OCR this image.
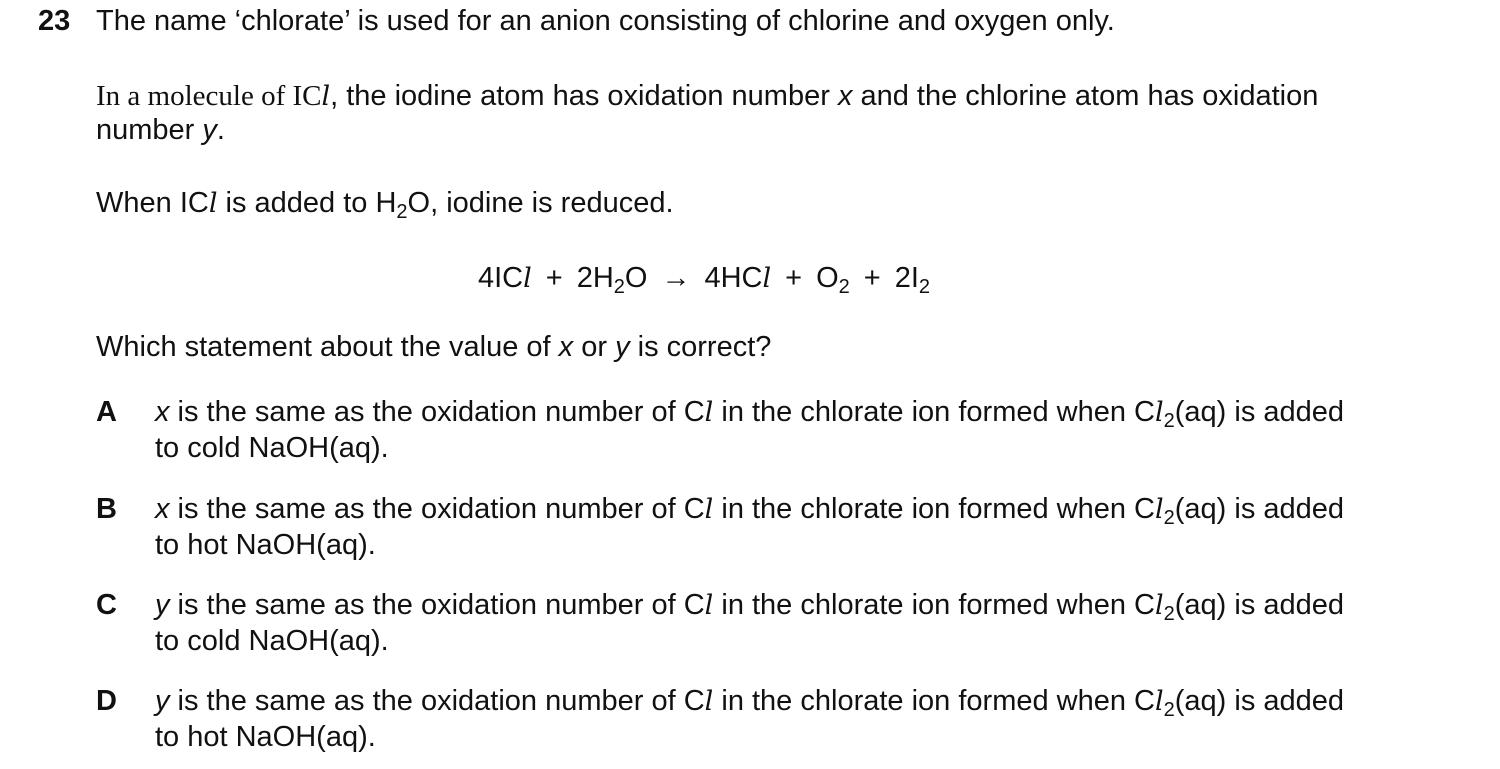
23 The name ‘chlorate’ is used for an anion consisting of chlorine and oxygen only.
In a molecule of ICl, the iodine atom has oxidation number x and the chlorine atom has oxidation
number y.
When ICl is added to $H_2O$, iodine is reduced.
$4ICl + 2H_2O \to 4HCl + O_2 + 2I_2$
Which statement about the value of x or y is correct?
A	x is the same as the oxidation number of Cl in the chlorate ion formed when $Cl_2(aq)$ is added
to cold NaOH(aq).
B	x is the same as the oxidation number of Cl in the chlorate ion formed when $Cl_2(aq)$ is added
to hot NaOH(aq).
C	y is the same as the oxidation number of Cl in the chlorate ion formed when $Cl_2(aq)$ is added
to cold NaOH(aq).
D	y is the same as the oxidation number of Cl in the chlorate ion formed when $Cl_2(aq)$ is added
to hot NaOH(aq).
